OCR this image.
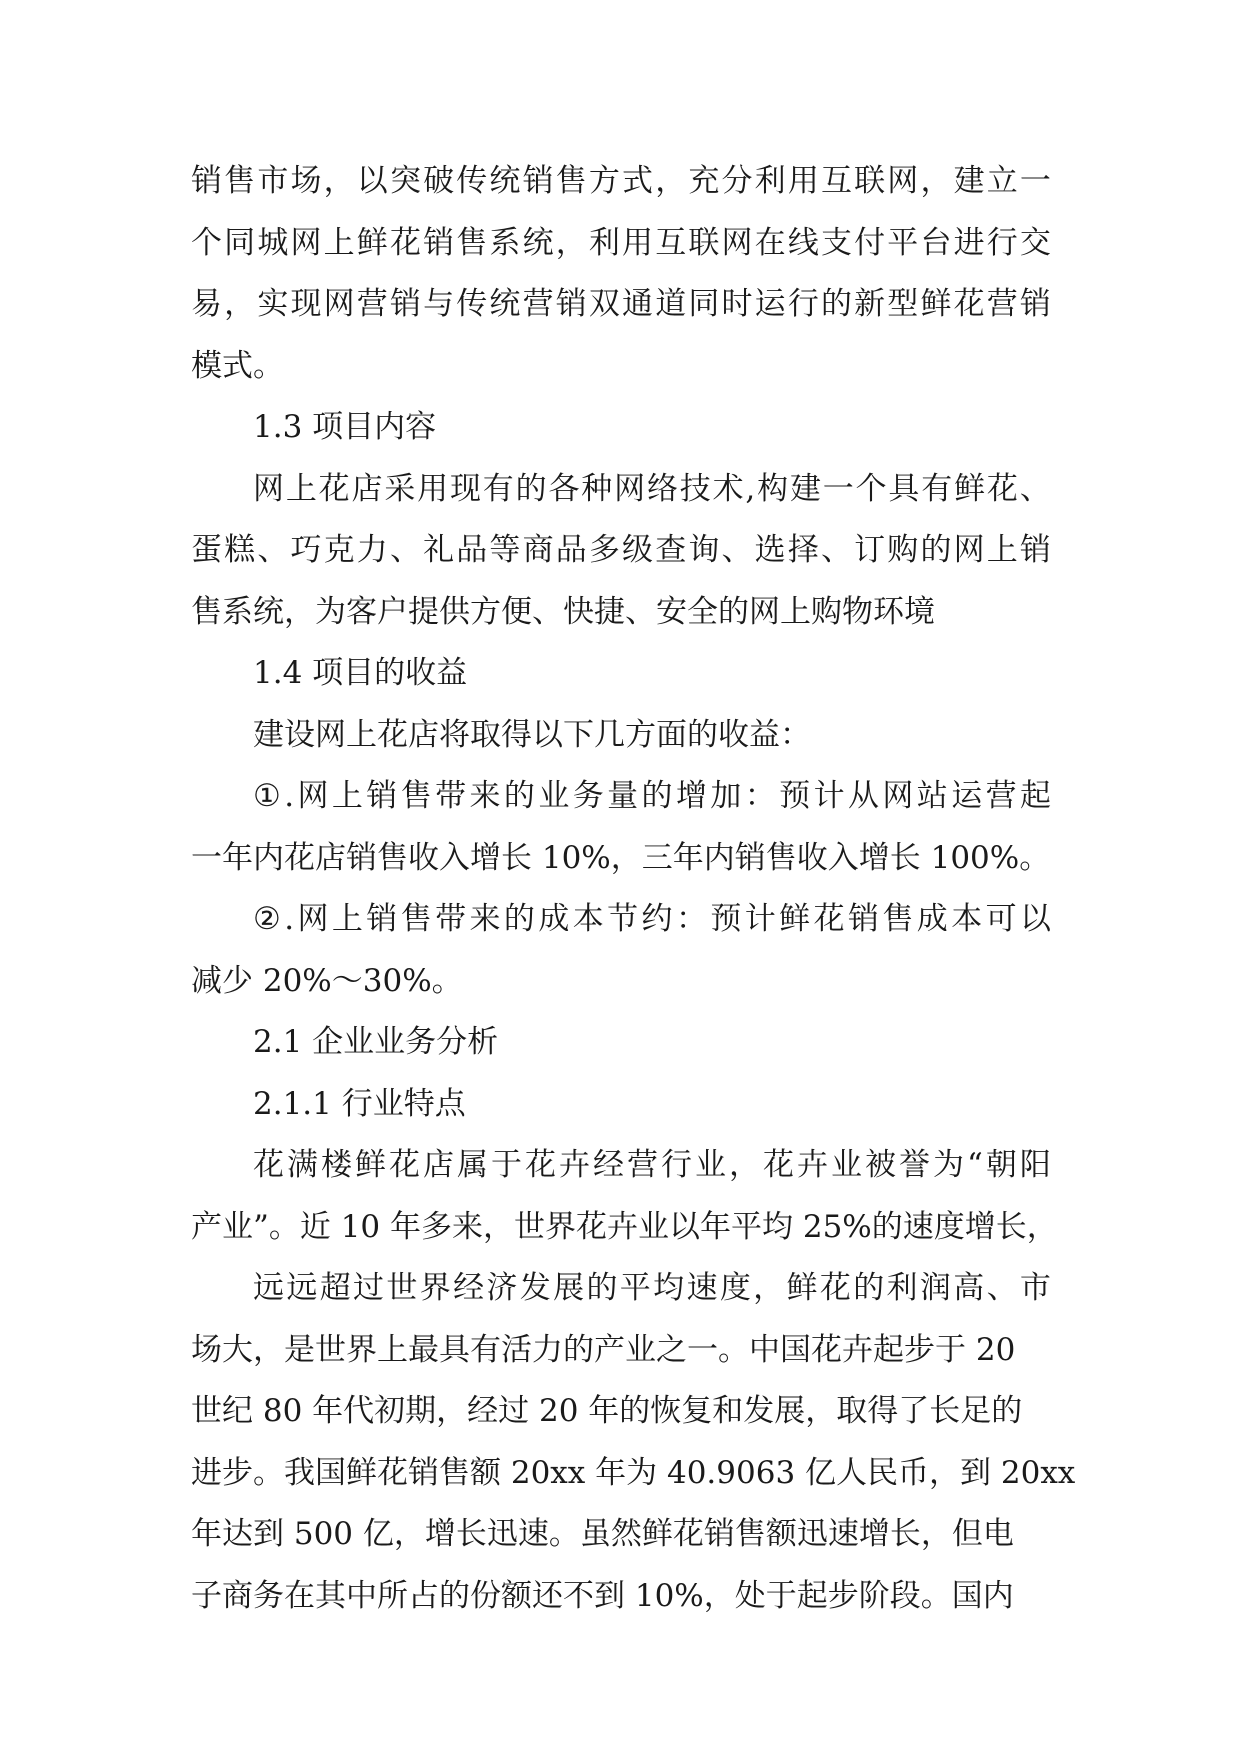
销 售 市 场 ， 以 突 破 传 统 销 售 方 式 ， 充 分 利 用 互 联 网 ， 建 立 一
个 同 城 网 上 鲜 花 销 售 系 统 ， 利 用 互 联 网 在 线 支 付 平 台 进 行 交
易 ， 实 现 网 营 销 与 传 统 营 销 双 通 道 同 时 运 行 的 新 型 鲜 花 营 销
模式。
1.3 项目内容
网 上 花 店 采 用 现 有 的 各 种 网 络 技 术 , 构 建 一 个 具 有 鲜 花 、
蛋 糕 、 巧 克 力 、 礼 品 等 商 品 多 级 查 询 、 选 择 、 订 购 的 网 上 销
售系统，为客户提供方便、快捷、安全的网上购物环境
1.4 项目的收益
建设网上花店将取得以下几方面的收益：
① . 网 上 销 售 带 来 的 业 务 量 的 增 加 ： 预 计 从 网 站 运 营 起
一年内花店销售收入增长 10%，三年内销售收入增长 100%。
② . 网 上 销 售 带 来 的 成 本 节 约 ： 预 计 鲜 花 销 售 成 本 可 以
减少 20%～30%。
2.1 企业业务分析
2.1.1 行业特点
花 满 楼 鲜 花 店 属 于 花 卉 经 营 行 业 ， 花 卉 业 被 誉 为 “ 朝 阳
产业”。近 10 年多来，世界花卉业以年平均 25%的速度增长，
远 远 超 过 世 界 经 济 发 展 的 平 均 速 度 ， 鲜 花 的 利 润 高 、 市
场大，是世界上最具有活力的产业之一。中国花卉起步于 20
世纪 80 年代初期，经过 20 年的恢复和发展，取得了长足的
进步。我国鲜花销售额 20xx 年为 40.9063 亿人民币，到 20xx
年达到 500 亿，增长迅速。虽然鲜花销售额迅速增长，但电
子商务在其中所占的份额还不到 10%，处于起步阶段。国内
